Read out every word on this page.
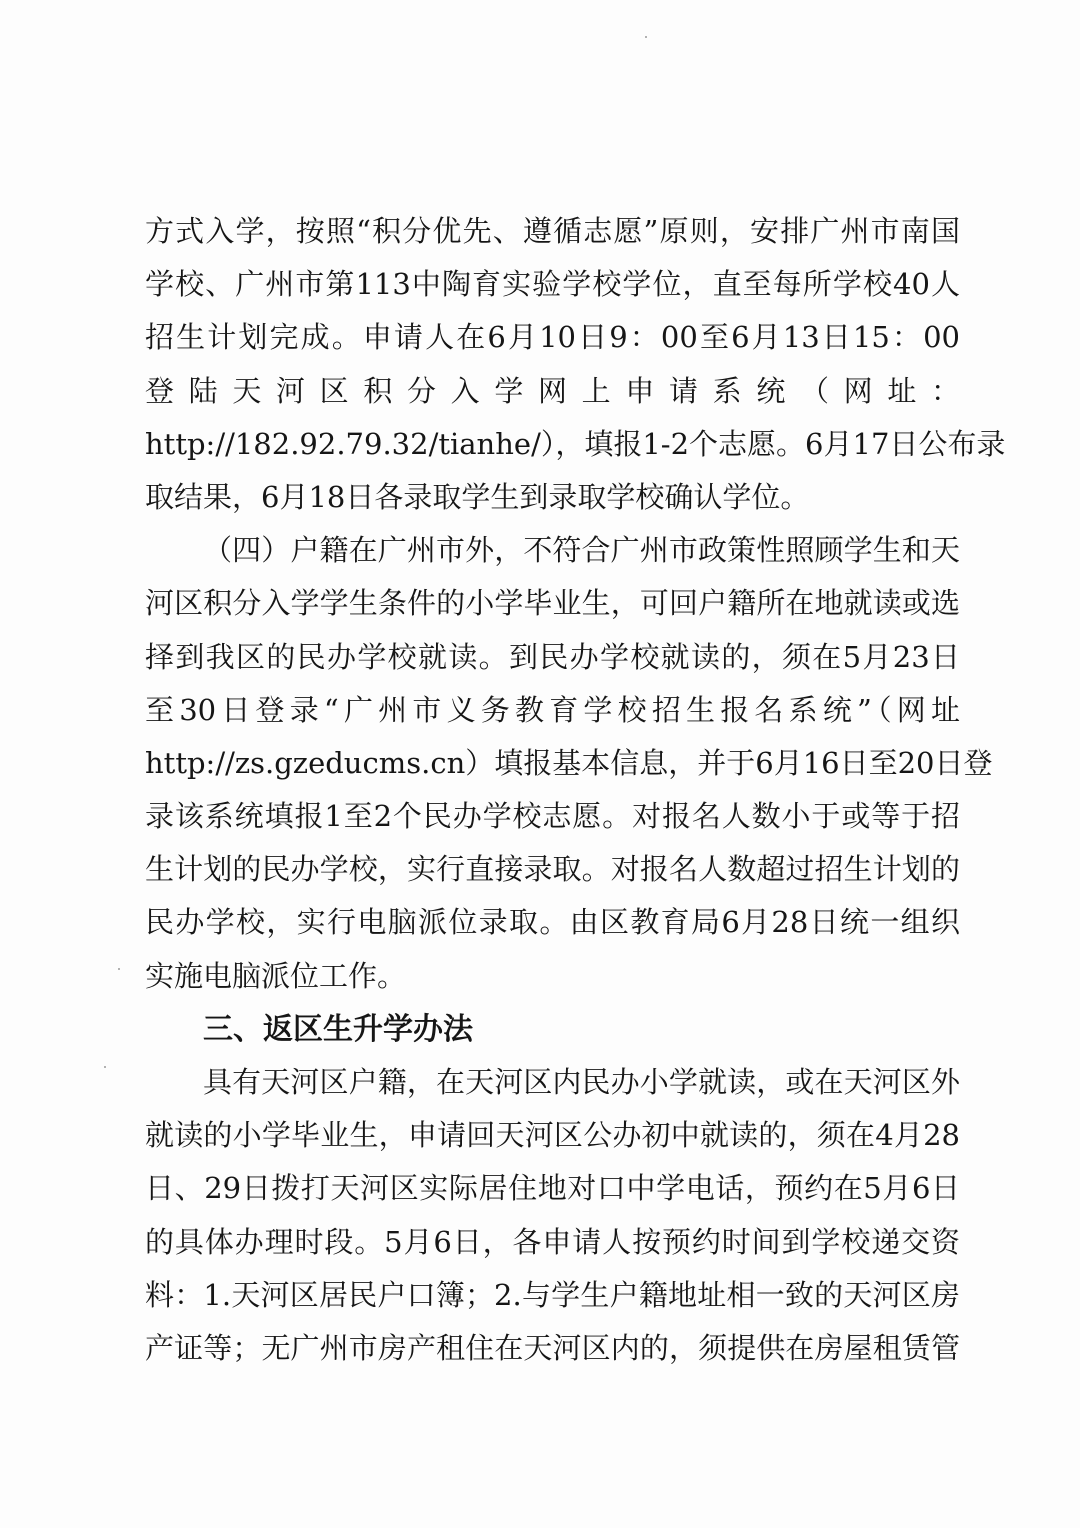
方式入学，按照“积分优先、遵循志愿”原则，安排广州市南国
学校、广州市第113中陶育实验学校学位，直至每所学校40人
招生计划完成。申请人在6月10日9：00至6月13日15：00
登陆天河区积分入学网上申请系统（网址：
http://182.92.79.32/tianhe/），填报1-2个志愿。6月17日公布录
取结果，6月18日各录取学生到录取学校确认学位。
（四）户籍在广州市外，不符合广州市政策性照顾学生和天
河区积分入学学生条件的小学毕业生，可回户籍所在地就读或选
择到我区的民办学校就读。到民办学校就读的，须在5月23日
至30日登录“广州市义务教育学校招生报名系统”（网址
http://zs.gzeducms.cn）填报基本信息，并于6月16日至20日登
录该系统填报1至2个民办学校志愿。对报名人数小于或等于招
生计划的民办学校，实行直接录取。对报名人数超过招生计划的
民办学校，实行电脑派位录取。由区教育局6月28日统一组织
实施电脑派位工作。
三、返区生升学办法
具有天河区户籍，在天河区内民办小学就读，或在天河区外
就读的小学毕业生，申请回天河区公办初中就读的，须在4月28
日、29日拨打天河区实际居住地对口中学电话，预约在5月6日
的具体办理时段。5月6日，各申请人按预约时间到学校递交资
料：1.天河区居民户口簿；2.与学生户籍地址相一致的天河区房
产证等；无广州市房产租住在天河区内的，须提供在房屋租赁管
